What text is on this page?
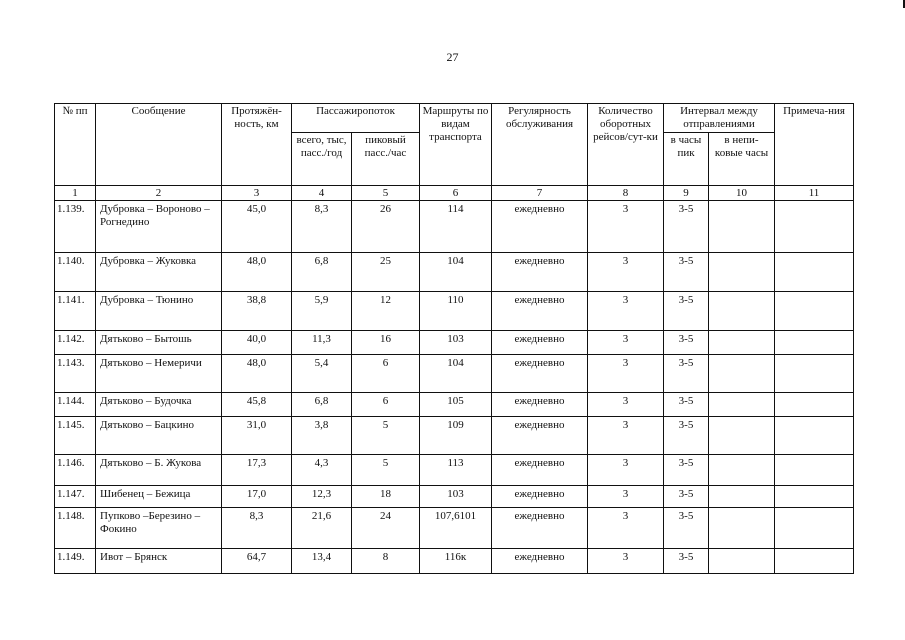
27
№ пп	Сообщение	Протяжён-ность, км	Пассажиропоток		Маршруты по видам транспорта	Регулярность обслуживания	Количество оборотных рейсов/сут-ки	Интервал между отправлениями		Примеча-ния
			всего, тыс, пасс./год	пиковый пасс./час				в часы пик	в непи-ковые часы	
1	2	3	4	5	6	7	8	9	10	11
1.139.	Дубровка – Вороново – Рогнедино	45,0	8,3	26	114	ежедневно	3	3-5		
1.140.	Дубровка – Жуковка	48,0	6,8	25	104	ежедневно	3	3-5		
1.141.	Дубровка – Тюнино	38,8	5,9	12	110	ежедневно	3	3-5		
1.142.	Дятьково – Бытошь	40,0	11,3	16	103	ежедневно	3	3-5		
1.143.	Дятьково – Немеричи	48,0	5,4	6	104	ежедневно	3	3-5		
1.144.	Дятьково – Будочка	45,8	6,8	6	105	ежедневно	3	3-5		
1.145.	Дятьково – Бацкино	31,0	3,8	5	109	ежедневно	3	3-5		
1.146.	Дятьково – Б. Жукова	17,3	4,3	5	113	ежедневно	3	3-5		
1.147.	Шибенец – Бежица	17,0	12,3	18	103	ежедневно	3	3-5		
1.148.	Пупково –Березино – Фокино	8,3	21,6	24	107,6101	ежедневно	3	3-5		
1.149.	Ивот – Брянск	64,7	13,4	8	116к	ежедневно	3	3-5		
